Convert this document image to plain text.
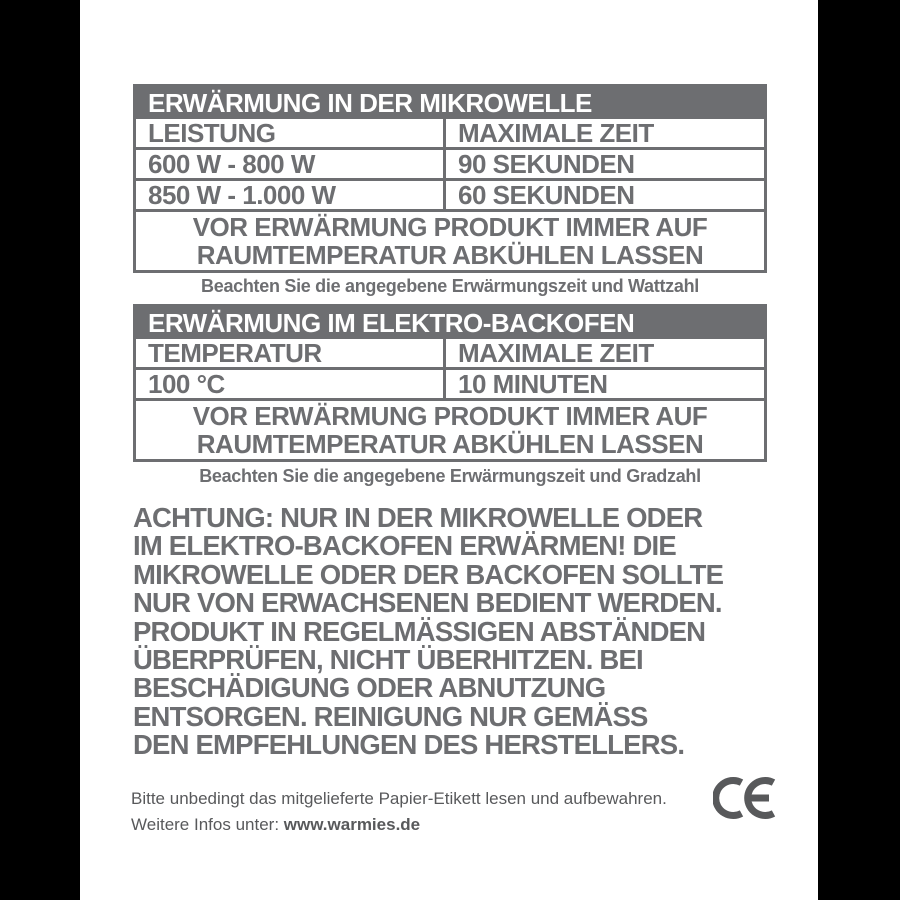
ERWÄRMUNG IN DER MIKROWELLE
LEISTUNG	MAXIMALE ZEIT
600 W - 800 W	90 SEKUNDEN
850 W - 1.000 W	60 SEKUNDEN
VOR ERWÄRMUNG PRODUKT IMMER AUF
RAUMTEMPERATUR ABKÜHLEN LASSEN
Beachten Sie die angegebene Erwärmungszeit und Wattzahl
ERWÄRMUNG IM ELEKTRO-BACKOFEN
TEMPERATUR	MAXIMALE ZEIT
100 °C	10 MINUTEN
VOR ERWÄRMUNG PRODUKT IMMER AUF
RAUMTEMPERATUR ABKÜHLEN LASSEN
Beachten Sie die angegebene Erwärmungszeit und Gradzahl
ACHTUNG: NUR IN DER MIKROWELLE ODER
IM ELEKTRO-BACKOFEN ERWÄRMEN! DIE
MIKROWELLE ODER DER BACKOFEN SOLLTE
NUR VON ERWACHSENEN BEDIENT WERDEN.
PRODUKT IN REGELMÄSSIGEN ABSTÄNDEN
ÜBERPRÜFEN, NICHT ÜBERHITZEN. BEI
BESCHÄDIGUNG ODER ABNUTZUNG
ENTSORGEN. REINIGUNG NUR GEMÄSS
DEN EMPFEHLUNGEN DES HERSTELLERS.
Bitte unbedingt das mitgelieferte Papier-Etikett lesen und aufbewahren.
Weitere Infos unter: www.warmies.de
